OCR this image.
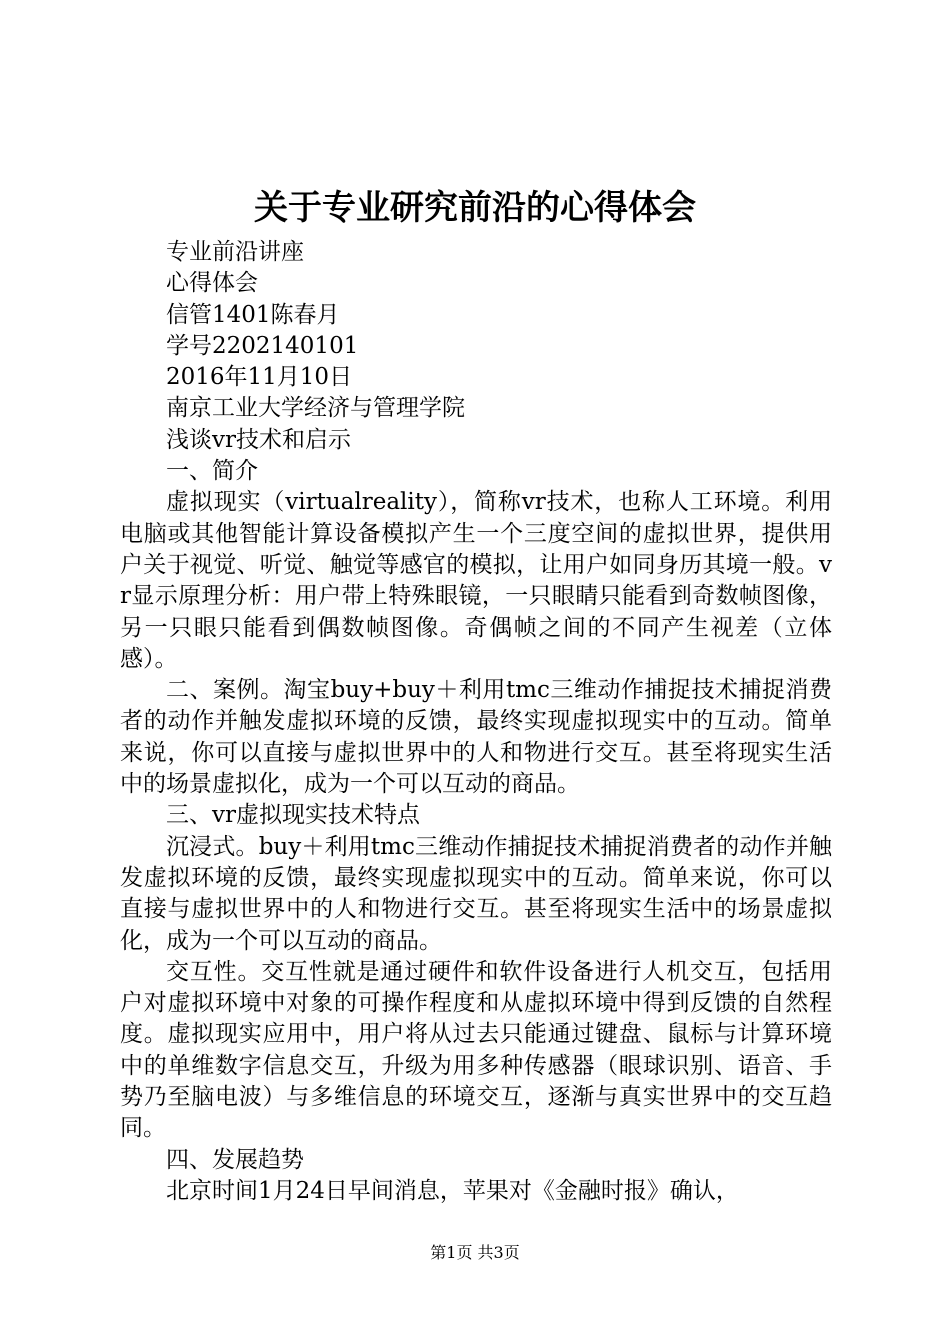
关于专业研究前沿的心得体会

专业前沿讲座

心得体会

信管1401陈春月

学号2202140101

2016年11月10日

南京工业大学经济与管理学院

浅谈vr技术和启示

一、简介

虚拟现实（virtualreality），简称vr技术，也称人工环境。利用电脑或其他智能计算设备模拟产生一个三度空间的虚拟世界，提供用户关于视觉、听觉、触觉等感官的模拟，让用户如同身历其境一般。vr显示原理分析：用户带上特殊眼镜，一只眼睛只能看到奇数帧图像，另一只眼只能看到偶数帧图像。奇偶帧之间的不同产生视差（立体感）。

二、案例。淘宝buy+buy＋利用tmc三维动作捕捉技术捕捉消费者的动作并触发虚拟环境的反馈，最终实现虚拟现实中的互动。简单来说，你可以直接与虚拟世界中的人和物进行交互。甚至将现实生活中的场景虚拟化，成为一个可以互动的商品。

三、vr虚拟现实技术特点

沉浸式。buy＋利用tmc三维动作捕捉技术捕捉消费者的动作并触发虚拟环境的反馈，最终实现虚拟现实中的互动。简单来说，你可以直接与虚拟世界中的人和物进行交互。甚至将现实生活中的场景虚拟化，成为一个可以互动的商品。

交互性。交互性就是通过硬件和软件设备进行人机交互，包括用户对虚拟环境中对象的可操作程度和从虚拟环境中得到反馈的自然程度。虚拟现实应用中，用户将从过去只能通过键盘、鼠标与计算环境中的单维数字信息交互，升级为用多种传感器（眼球识别、语音、手势乃至脑电波）与多维信息的环境交互，逐渐与真实世界中的交互趋同。

四、发展趋势

北京时间1月24日早间消息，苹果对《金融时报》确认，

第1页 共3页
